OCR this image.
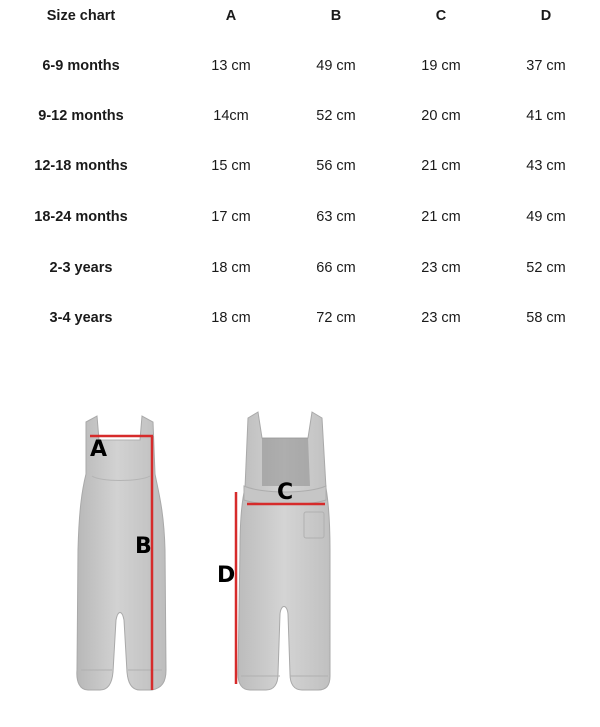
Size chart	A	B	C	D
6-9 months	13 cm	49 cm	19 cm	37 cm
9-12 months	14cm	52 cm	20 cm	41 cm
12-18 months	15 cm	56 cm	21 cm	43 cm
18-24 months	17 cm	63 cm	21 cm	49 cm
2-3 years	18 cm	66 cm	23 cm	52 cm
3-4 years	18 cm	72 cm	23 cm	58 cm
A
B
C
D
